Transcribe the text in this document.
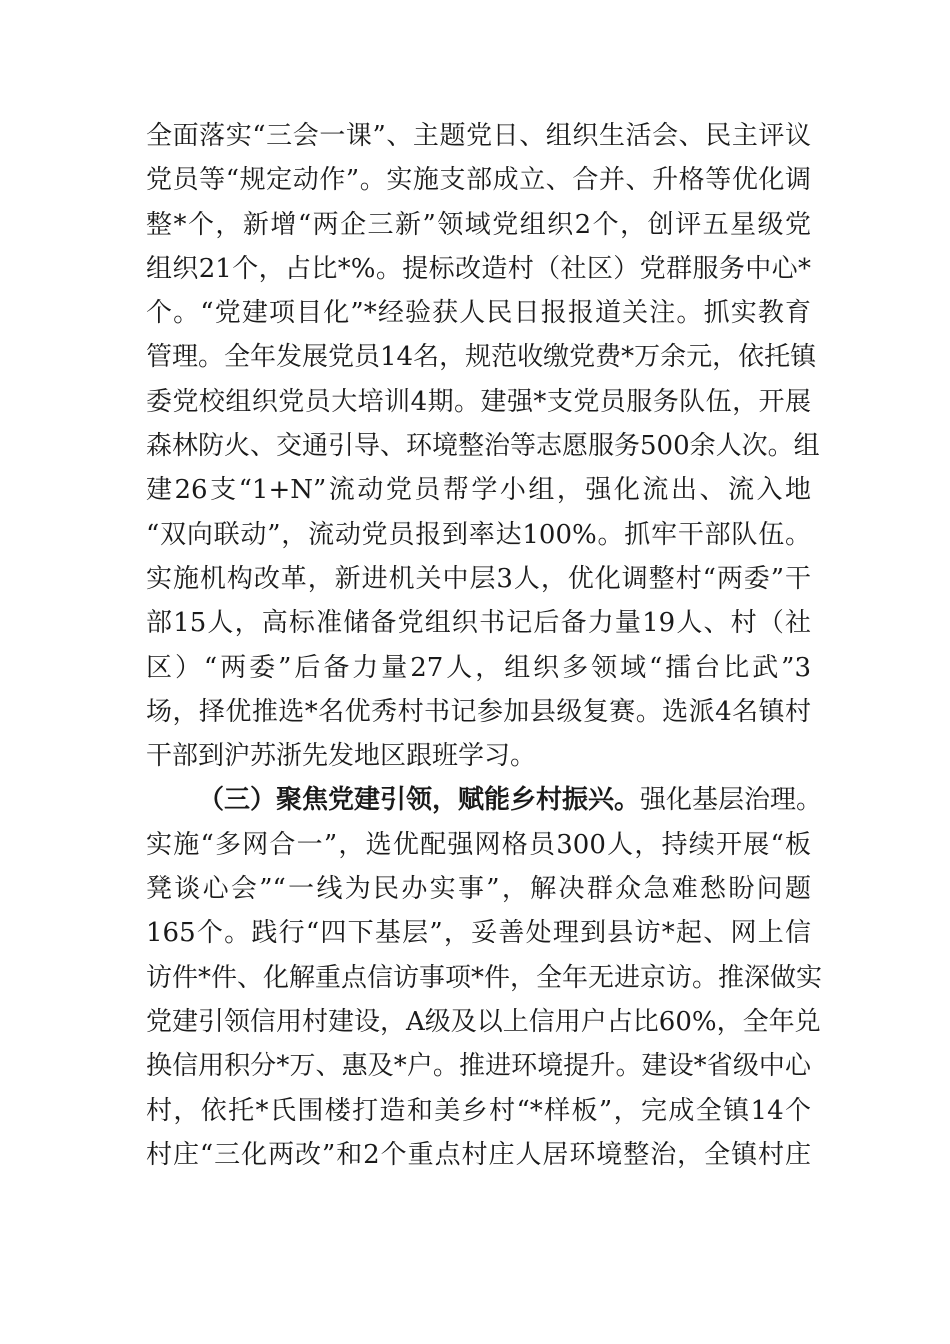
全面落实“三会一课”、主题党日、组织生活会、民主评议
党员等“规定动作”。实施支部成立、合并、升格等优化调
整*个，新增“两企三新”领域党组织2个，创评五星级党
组织21个，占比*%。提标改造村（社区）党群服务中心*
个。“党建项目化”*经验获人民日报报道关注。抓实教育
管理。全年发展党员14名，规范收缴党费*万余元，依托镇
委党校组织党员大培训4期。建强*支党员服务队伍，开展
森林防火、交通引导、环境整治等志愿服务500余人次。组
建26支“1+N”流动党员帮学小组，强化流出、流入地
“双向联动”，流动党员报到率达100%。抓牢干部队伍。
实施机构改革，新进机关中层3人，优化调整村“两委”干
部15人，高标准储备党组织书记后备力量19人、村（社
区）“两委”后备力量27人，组织多领域“擂台比武”3
场，择优推选*名优秀村书记参加县级复赛。选派4名镇村
干部到沪苏浙先发地区跟班学习。
（三）聚焦党建引领，赋能乡村振兴。强化基层治理。
实施“多网合一”，选优配强网格员300人，持续开展“板
凳谈心会”“一线为民办实事”，解决群众急难愁盼问题
165个。践行“四下基层”，妥善处理到县访*起、网上信
访件*件、化解重点信访事项*件，全年无进京访。推深做实
党建引领信用村建设，A级及以上信用户占比60%，全年兑
换信用积分*万、惠及*户。推进环境提升。建设*省级中心
村，依托*氏围楼打造和美乡村“*样板”，完成全镇14个
村庄“三化两改”和2个重点村庄人居环境整治，全镇村庄
